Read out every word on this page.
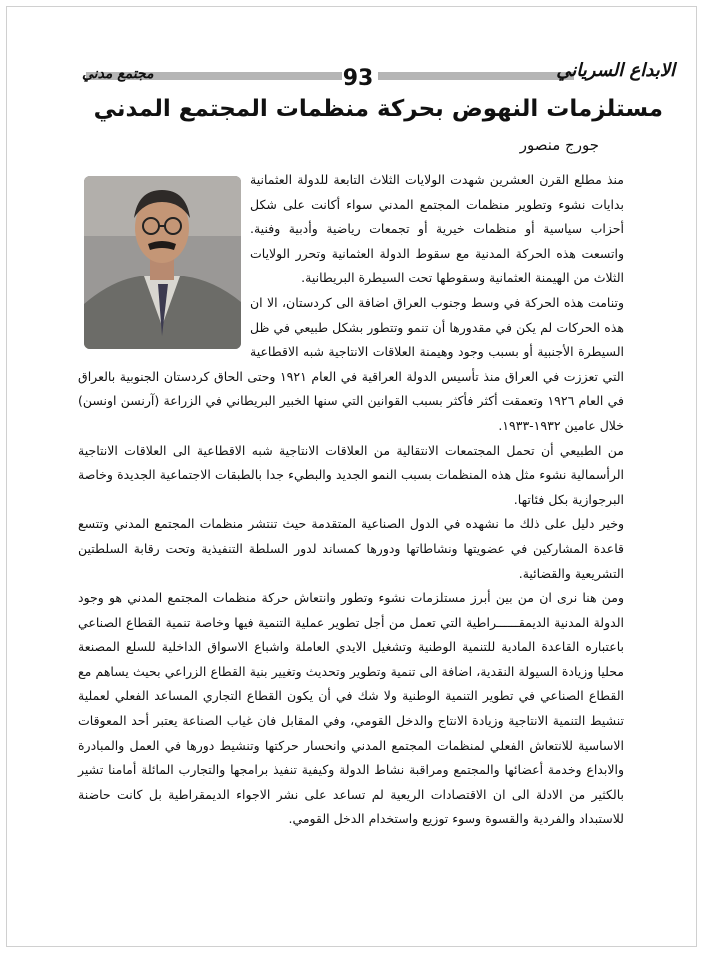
الابداع السرياني
مجتمع مدني	93
مستلزمات النهوض بحركة منظمات المجتمع المدني
جورج منصور

منذ مطلع القرن العشرين شهدت الولايات الثلاث التابعة للدولة العثمانية بدايات نشوء وتطوير منظمات المجتمع المدني سواء أكانت على شكل أحزاب سياسية أو منظمات خيرية أو تجمعات رياضية وأدبية وفنية. واتسعت هذه الحركة المدنية مع سقوط الدولة العثمانية وتحرر الولايات الثلاث من الهيمنة العثمانية وسقوطها تحت السيطرة البريطانية.

وتنامت هذه الحركة في وسط وجنوب العراق اضافة الى كردستان، الا ان هذه الحركات لم يكن في مقدورها أن تنمو وتتطور بشكل طبيعي في ظل السيطرة الأجنبية أو بسبب وجود وهيمنة العلاقات الانتاجية شبه الاقطاعية التي تعززت في العراق منذ تأسيس الدولة العراقية في العام ١٩٢١ وحتى الحاق كردستان الجنوبية بالعراق في العام ١٩٢٦ وتعمقت أكثر فأكثر بسبب القوانين التي سنها الخبير البريطاني في الزراعة (آرنسن اونسن) خلال عامين ١٩٣٢-١٩٣٣.

من الطبيعي أن تحمل المجتمعات الانتقالية من العلاقات الانتاجية شبه الاقطاعية الى العلاقات الانتاجية الرأسمالية نشوء مثل هذه المنظمات بسبب النمو الجديد والبطيء جدا بالطبقات الاجتماعية الجديدة وخاصة البرجوازية بكل فئاتها.

وخير دليل على ذلك ما نشهده في الدول الصناعية المتقدمة حيث تنتشر منظمات المجتمع المدني وتتسع قاعدة المشاركين في عضويتها ونشاطاتها ودورها كمساند لدور السلطة التنفيذية وتحت رقابة السلطتين التشريعية والقضائية.

ومن هنا نرى ان من بين أبرز مستلزمات نشوء وتطور وانتعاش حركة منظمات المجتمع المدني هو وجود الدولة المدنية الديمقــــــراطية التي تعمل من أجل تطوير عملية التنمية فيها وخاصة تنمية القطاع الصناعي باعتباره القاعدة المادية للتنمية الوطنية وتشغيل الايدي العاملة واشباع الاسواق الداخلية للسلع المصنعة محليا وزيادة السيولة النقدية، اضافة الى تنمية وتطوير وتحديث وتغيير بنية القطاع الزراعي بحيث يساهم مع القطاع الصناعي في تطوير التنمية الوطنية ولا شك في أن يكون القطاع التجاري المساعد الفعلي لعملية تنشيط التنمية الانتاجية وزيادة الانتاج والدخل القومي، وفي المقابل فان غياب الصناعة يعتبر أحد المعوقات الاساسية للانتعاش الفعلي لمنظمات المجتمع المدني وانحسار حركتها وتنشيط دورها في العمل والمبادرة والابداع وخدمة أعضائها والمجتمع ومراقبة نشاط الدولة وكيفية تنفيذ برامجها والتجارب المائلة أمامنا تشير بالكثير من الادلة الى ان الاقتصادات الريعية لم تساعد على نشر الاجواء الديمقراطية بل كانت حاضنة للاستبداد والفردية والقسوة وسوء توزيع واستخدام الدخل القومي.
